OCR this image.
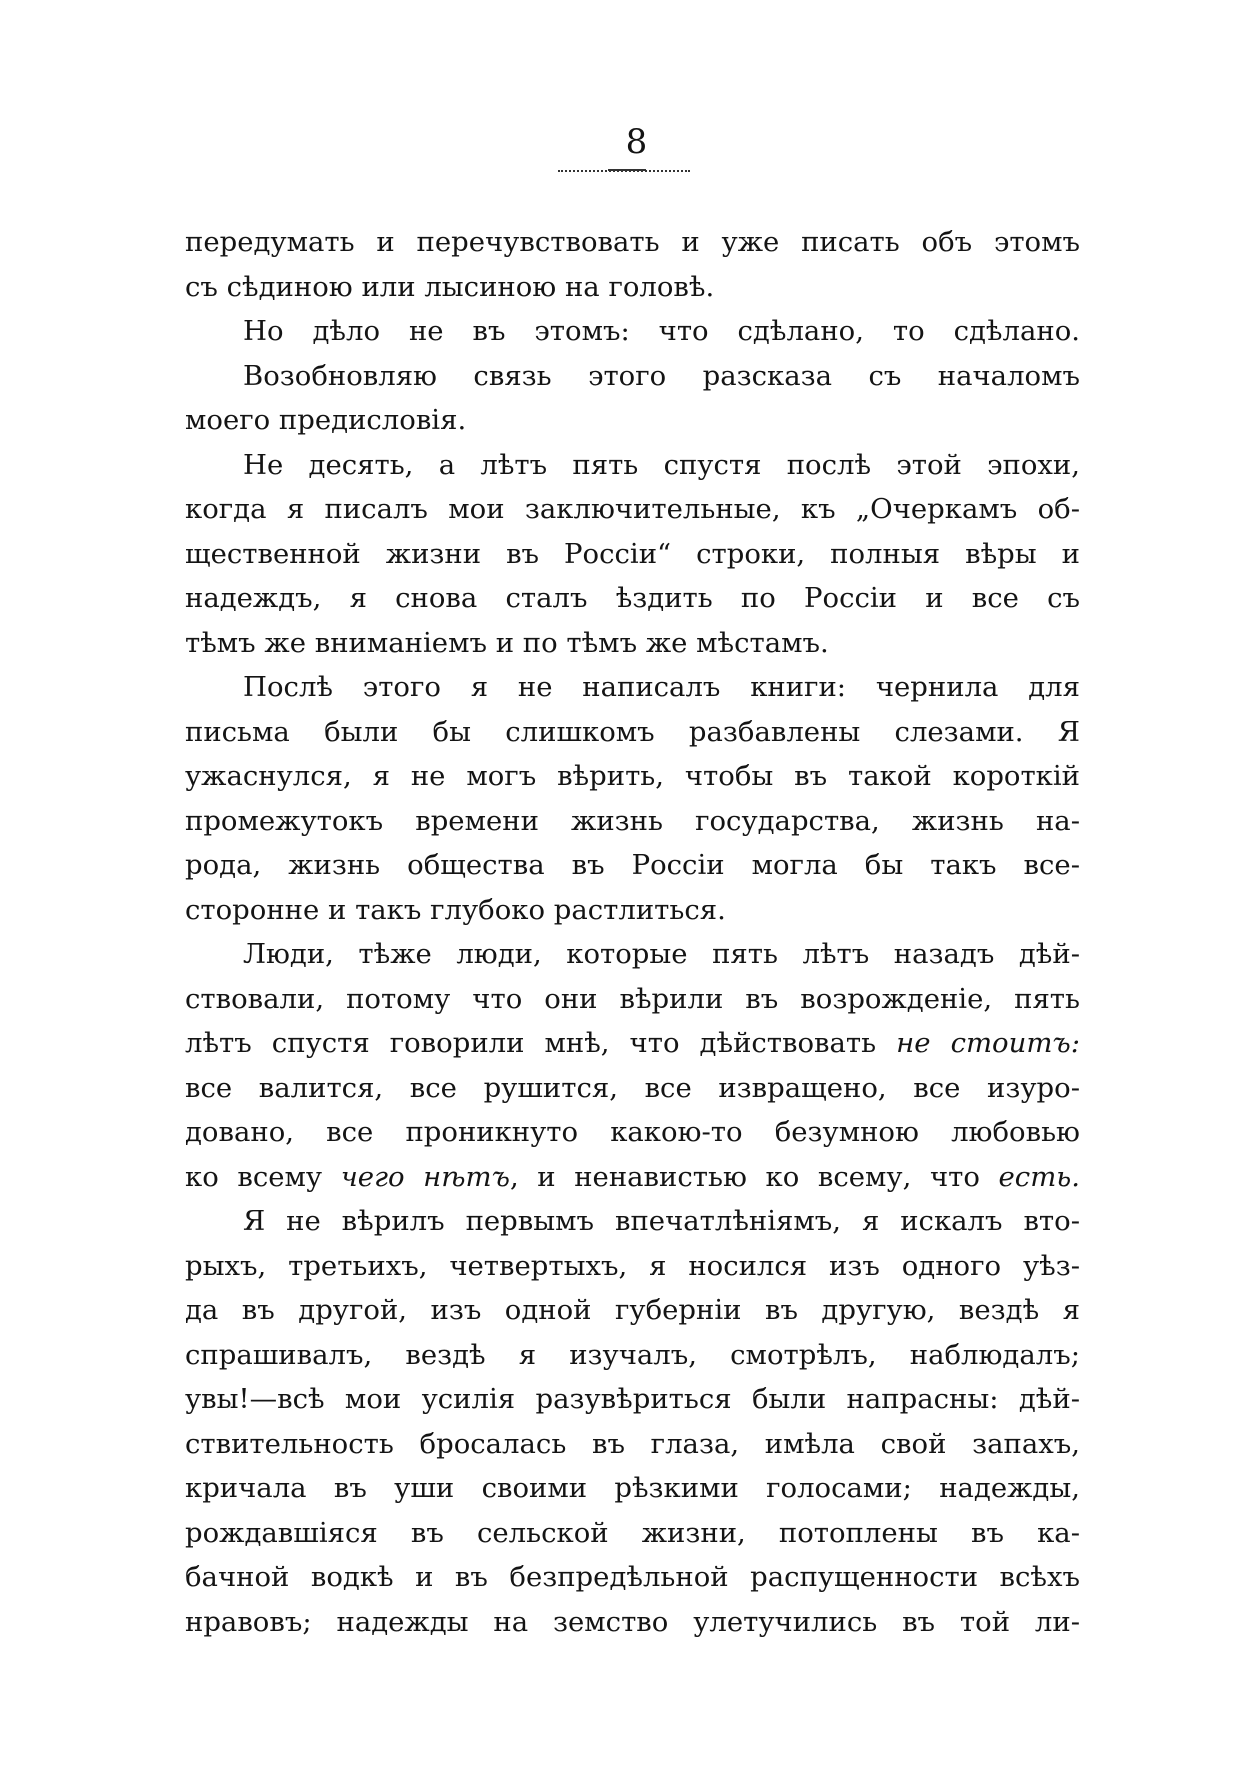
8
передумать и перечувствовать и уже писать объ этомъ
съ сѣдиною или лысиною на головѣ.
Но дѣло не въ этомъ: что сдѣлано, то сдѣлано.
Возобновляю связь этого разсказа съ началомъ
моего предисловія.
Не десять, а лѣтъ пять спустя послѣ этой эпохи,
когда я писалъ мои заключительные, къ „Очеркамъ об-
щественной жизни въ Россіи“ строки, полныя вѣры и
надеждъ, я снова сталъ ѣздить по Россіи и все съ
тѣмъ же вниманіемъ и по тѣмъ же мѣстамъ.
Послѣ этого я не написалъ книги: чернила для
письма были бы слишкомъ разбавлены слезами. Я
ужаснулся, я не могъ вѣрить, чтобы въ такой короткій
промежутокъ времени жизнь государства, жизнь на-
рода, жизнь общества въ Россіи могла бы такъ все-
сторонне и такъ глубоко растлиться.
Люди, тѣже люди, которые пять лѣтъ назадъ дѣй-
ствовали, потому что они вѣрили въ возрожденіе, пять
лѣтъ спустя говорили мнѣ, что дѣйствовать не стоитъ:
все валится, все рушится, все извращено, все изуро-
довано, все проникнуто какою-то безумною любовью
ко всему чего нѣтъ, и ненавистью ко всему, что есть.
Я не вѣрилъ первымъ впечатлѣніямъ, я искалъ вто-
рыхъ, третьихъ, четвертыхъ, я носился изъ одного уѣз-
да въ другой, изъ одной губерніи въ другую, вездѣ я
спрашивалъ, вездѣ я изучалъ, смотрѣлъ, наблюдалъ;
увы!—всѣ мои усилія разувѣриться были напрасны: дѣй-
ствительность бросалась въ глаза, имѣла свой запахъ,
кричала въ уши своими рѣзкими голосами; надежды,
рождавшіяся въ сельской жизни, потоплены въ ка-
бачной водкѣ и въ безпредѣльной распущенности всѣхъ
нравовъ; надежды на земство улетучились въ той ли-
